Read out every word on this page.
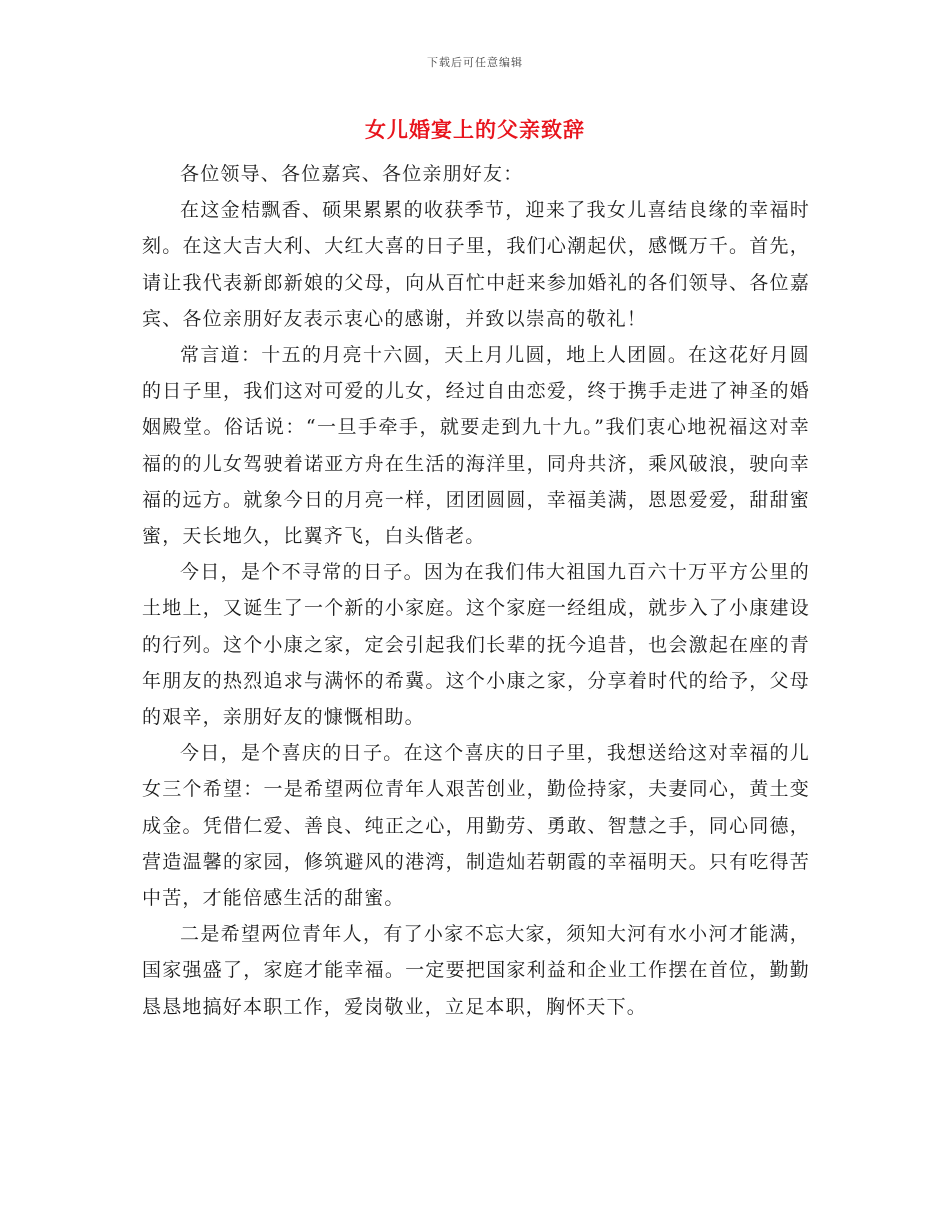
下载后可任意编辑
女儿婚宴上的父亲致辞

各位领导、各位嘉宾、各位亲朋好友：

在这金桔飘香、硕果累累的收获季节，迎来了我女儿喜结良缘的幸福时刻。在这大吉大利、大红大喜的日子里，我们心潮起伏，感慨万千。首先，请让我代表新郎新娘的父母，向从百忙中赶来参加婚礼的各们领导、各位嘉宾、各位亲朋好友表示衷心的感谢，并致以崇高的敬礼！

常言道：十五的月亮十六圆，天上月儿圆，地上人团圆。在这花好月圆的日子里，我们这对可爱的儿女，经过自由恋爱，终于携手走进了神圣的婚姻殿堂。俗话说：“一旦手牵手，就要走到九十九。”我们衷心地祝福这对幸福的的儿女驾驶着诺亚方舟在生活的海洋里，同舟共济，乘风破浪，驶向幸福的远方。就象今日的月亮一样，团团圆圆，幸福美满，恩恩爱爱，甜甜蜜蜜，天长地久，比翼齐飞，白头偕老。

今日，是个不寻常的日子。因为在我们伟大祖国九百六十万平方公里的土地上，又诞生了一个新的小家庭。这个家庭一经组成，就步入了小康建设的行列。这个小康之家，定会引起我们长辈的抚今追昔，也会激起在座的青年朋友的热烈追求与满怀的希冀。这个小康之家，分享着时代的给予，父母的艰辛，亲朋好友的慷慨相助。

今日，是个喜庆的日子。在这个喜庆的日子里，我想送给这对幸福的儿女三个希望：一是希望两位青年人艰苦创业，勤俭持家，夫妻同心，黄土变成金。凭借仁爱、善良、纯正之心，用勤劳、勇敢、智慧之手，同心同德，营造温馨的家园，修筑避风的港湾，制造灿若朝霞的幸福明天。只有吃得苦中苦，才能倍感生活的甜蜜。

二是希望两位青年人，有了小家不忘大家，须知大河有水小河才能满，国家强盛了，家庭才能幸福。一定要把国家利益和企业工作摆在首位，勤勤恳恳地搞好本职工作，爱岗敬业，立足本职，胸怀天下。
